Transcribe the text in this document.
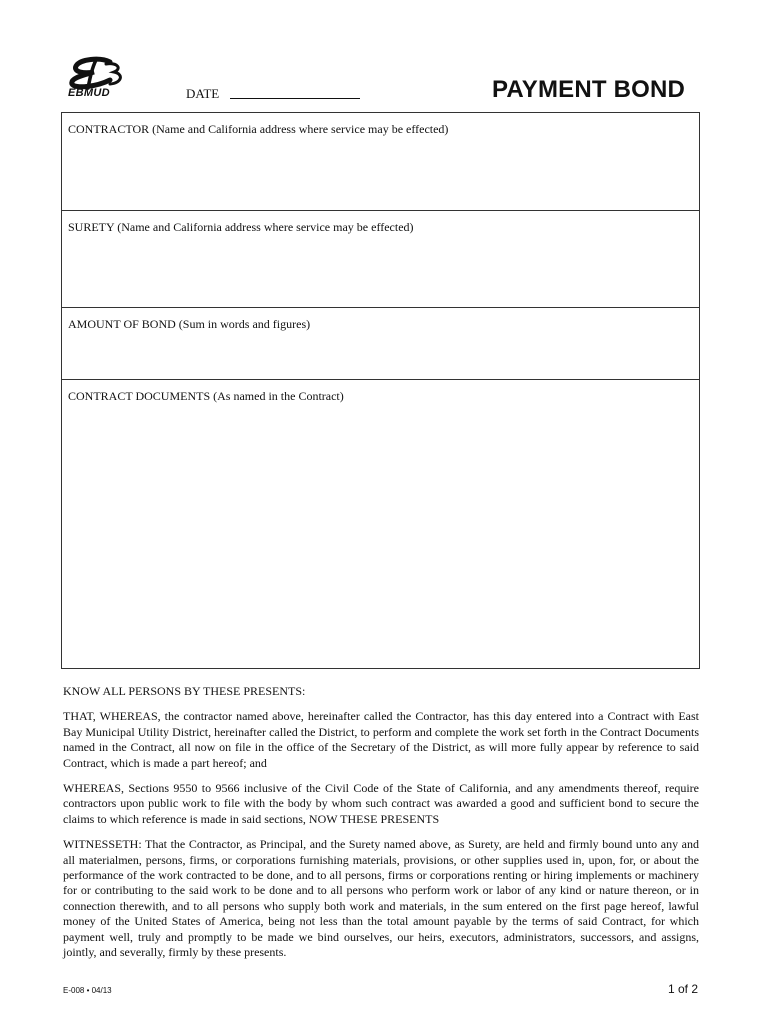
EBMUD	DATE	PAYMENT BOND
CONTRACTOR (Name and California address where service may be effected)
SURETY (Name and California address where service may be effected)
AMOUNT OF BOND (Sum in words and figures)
CONTRACT DOCUMENTS (As named in the Contract)

KNOW ALL PERSONS BY THESE PRESENTS:

THAT, WHEREAS, the contractor named above, hereinafter called the Contractor, has this day entered into a Contract with East Bay Municipal Utility District, hereinafter called the District, to perform and complete the work set forth in the Contract Documents named in the Contract, all now on file in the office of the Secretary of the District, as will more fully appear by reference to said Contract, which is made a part hereof; and

WHEREAS, Sections 9550 to 9566 inclusive of the Civil Code of the State of California, and any amendments thereof, require contractors upon public work to file with the body by whom such contract was awarded a good and sufficient bond to secure the claims to which reference is made in said sections, NOW THESE PRESENTS

WITNESSETH: That the Contractor, as Principal, and the Surety named above, as Surety, are held and firmly bound unto any and all materialmen, persons, firms, or corporations furnishing materials, provisions, or other supplies used in, upon, for, or about the performance of the work contracted to be done, and to all persons, firms or corporations renting or hiring implements or machinery for or contributing to the said work to be done and to all persons who perform work or labor of any kind or nature thereon, or in connection therewith, and to all persons who supply both work and materials, in the sum entered on the first page hereof, lawful money of the United States of America, being not less than the total amount payable by the terms of said Contract, for which payment well, truly and promptly to be made we bind ourselves, our heirs, executors, administrators, successors, and assigns, jointly, and severally, firmly by these presents.

E-008 • 04/13	1 of 2
